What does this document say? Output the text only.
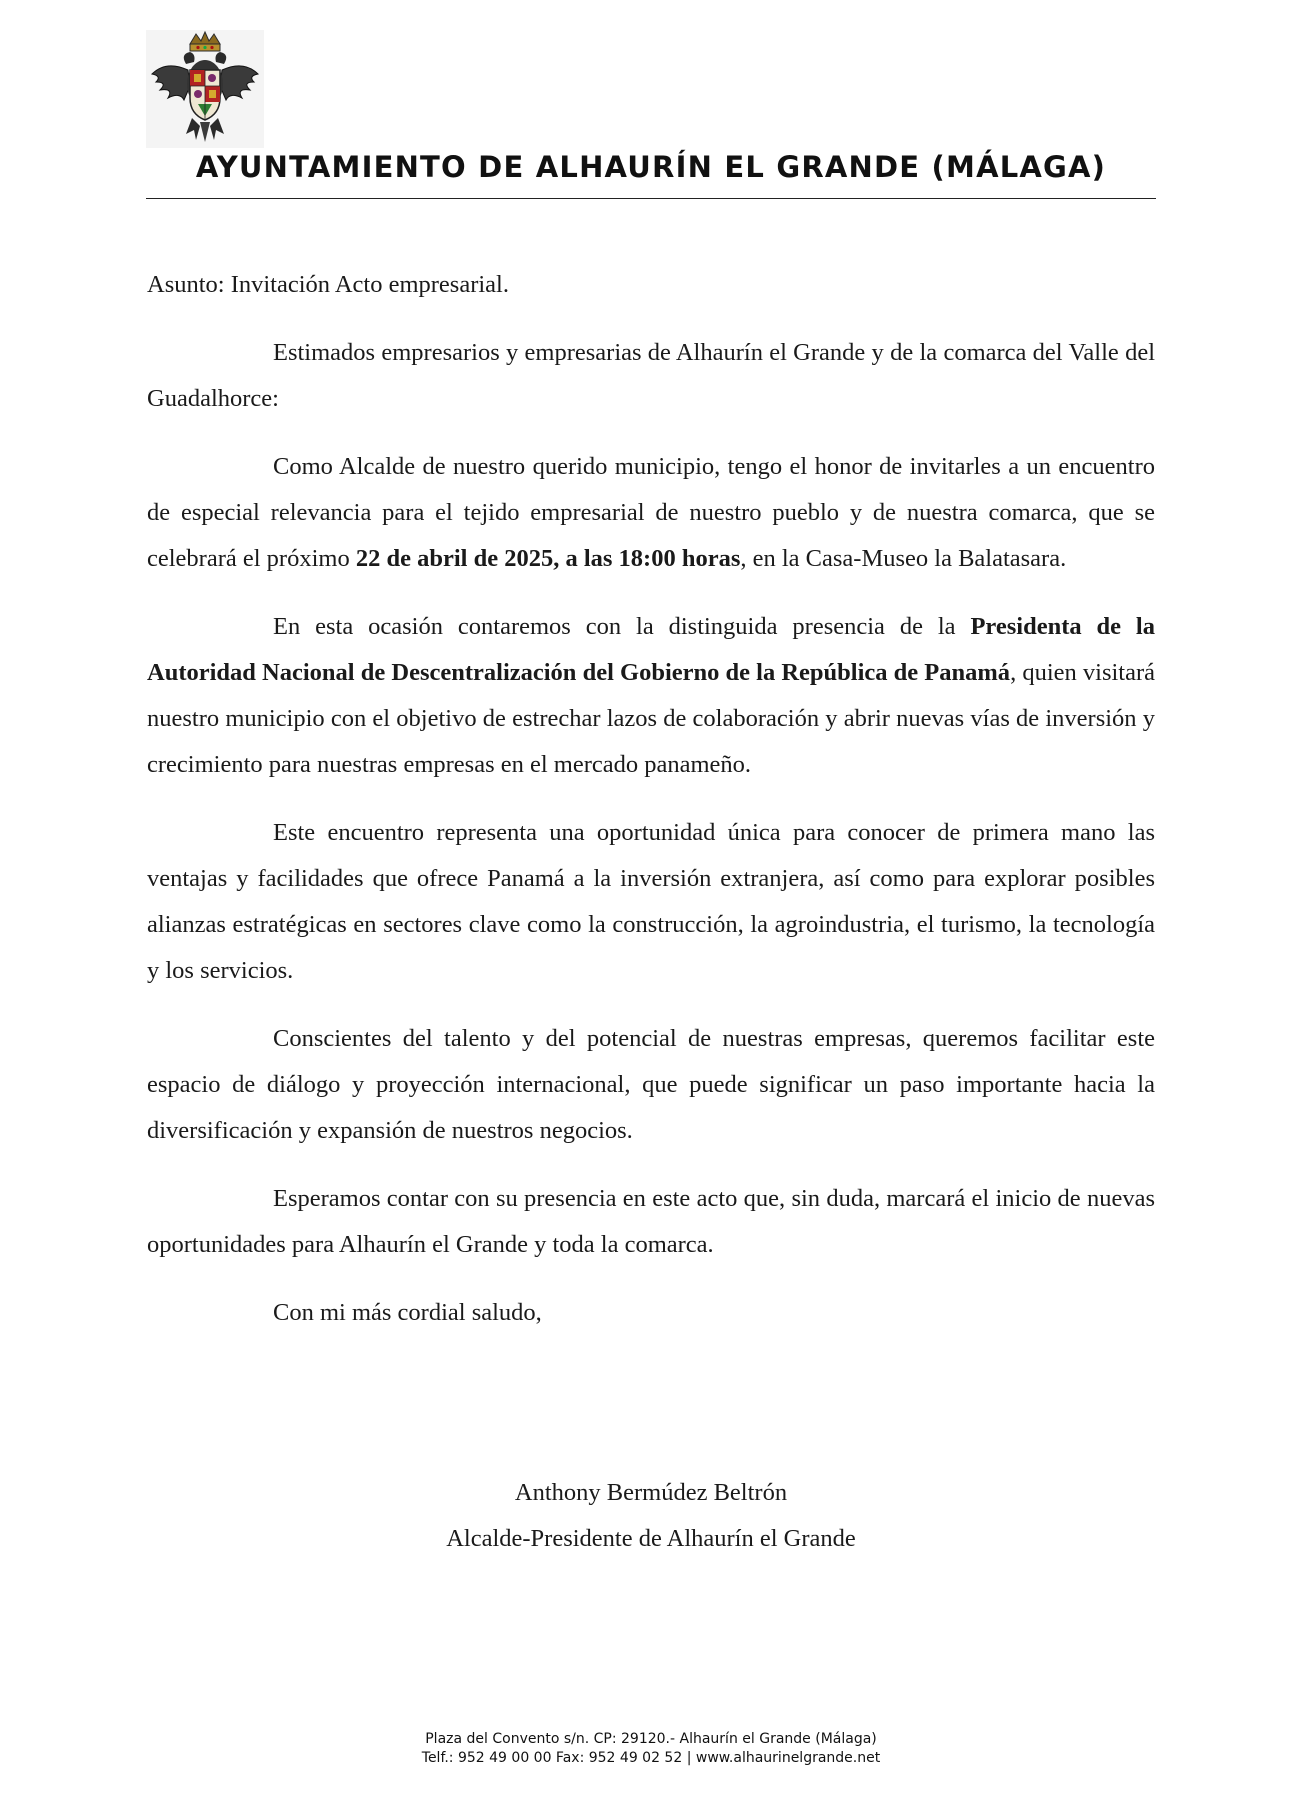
AYUNTAMIENTO DE ALHAURÍN EL GRANDE (MÁLAGA)

Asunto: Invitación Acto empresarial.

Estimados empresarios y empresarias de Alhaurín el Grande y de la comarca del Valle del Guadalhorce:

Como Alcalde de nuestro querido municipio, tengo el honor de invitarles a un encuentro de especial relevancia para el tejido empresarial de nuestro pueblo y de nuestra comarca, que se celebrará el próximo 22 de abril de 2025, a las 18:00 horas, en la Casa-Museo la Balatasara.

En esta ocasión contaremos con la distinguida presencia de la Presidenta de la Autoridad Nacional de Descentralización del Gobierno de la República de Panamá, quien visitará nuestro municipio con el objetivo de estrechar lazos de colaboración y abrir nuevas vías de inversión y crecimiento para nuestras empresas en el mercado panameño.

Este encuentro representa una oportunidad única para conocer de primera mano las ventajas y facilidades que ofrece Panamá a la inversión extranjera, así como para explorar posibles alianzas estratégicas en sectores clave como la construcción, la agroindustria, el turismo, la tecnología y los servicios.

Conscientes del talento y del potencial de nuestras empresas, queremos facilitar este espacio de diálogo y proyección internacional, que puede significar un paso importante hacia la diversificación y expansión de nuestros negocios.

Esperamos contar con su presencia en este acto que, sin duda, marcará el inicio de nuevas oportunidades para Alhaurín el Grande y toda la comarca.

Con mi más cordial saludo,

Anthony Bermúdez Beltrón
Alcalde-Presidente de Alhaurín el Grande
Plaza del Convento s/n. CP: 29120.- Alhaurín el Grande (Málaga)
Telf.: 952 49 00 00 Fax: 952 49 02 52 | www.alhaurinelgrande.net
